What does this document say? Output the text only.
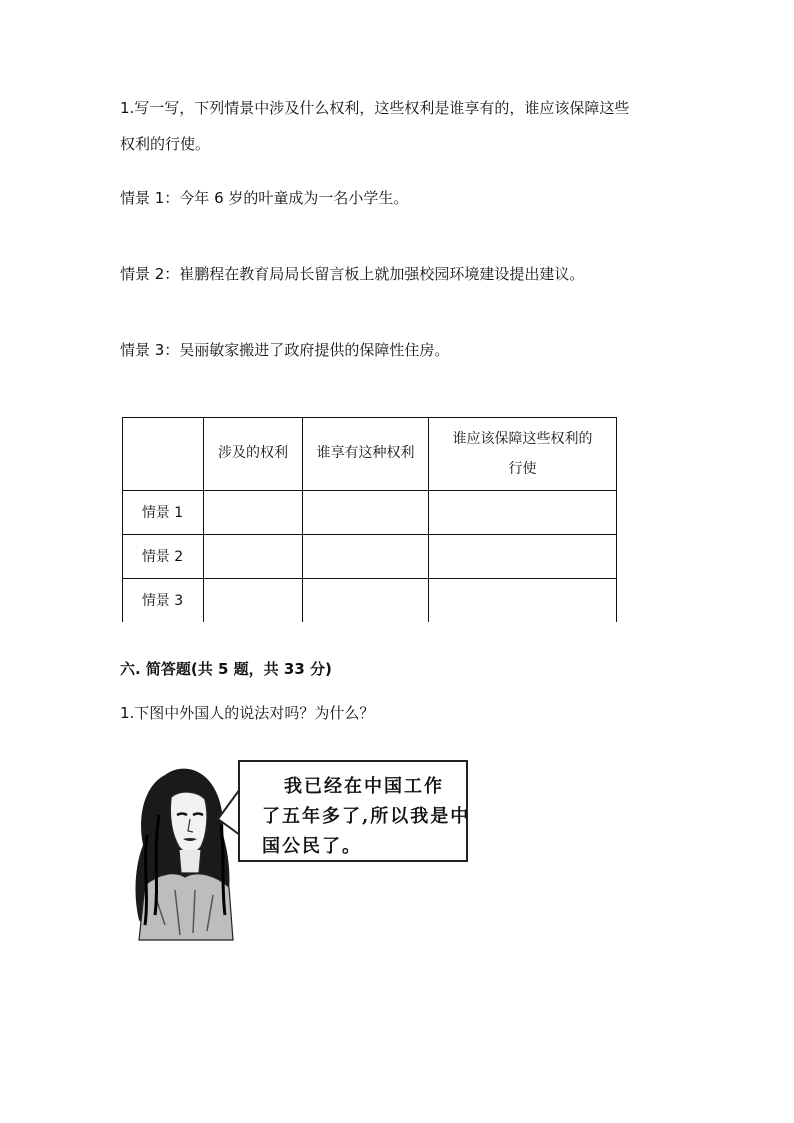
1.写一写，下列情景中涉及什么权利，这些权利是谁享有的，谁应该保障这些
权利的行使。
情景 1：今年 6 岁的叶童成为一名小学生。
情景 2：崔鹏程在教育局局长留言板上就加强校园环境建设提出建议。
情景 3：吴丽敏家搬进了政府提供的保障性住房。
涉及的权利	谁享有这种权利
谁应该保障这些权利的
行使
情景 1
情景 2
情景 3
六. 简答题(共 5 题，共 33 分)
1.下图中外国人的说法对吗？为什么？
我已经在中国工作
了五年多了,所以我是中
国公民了。
